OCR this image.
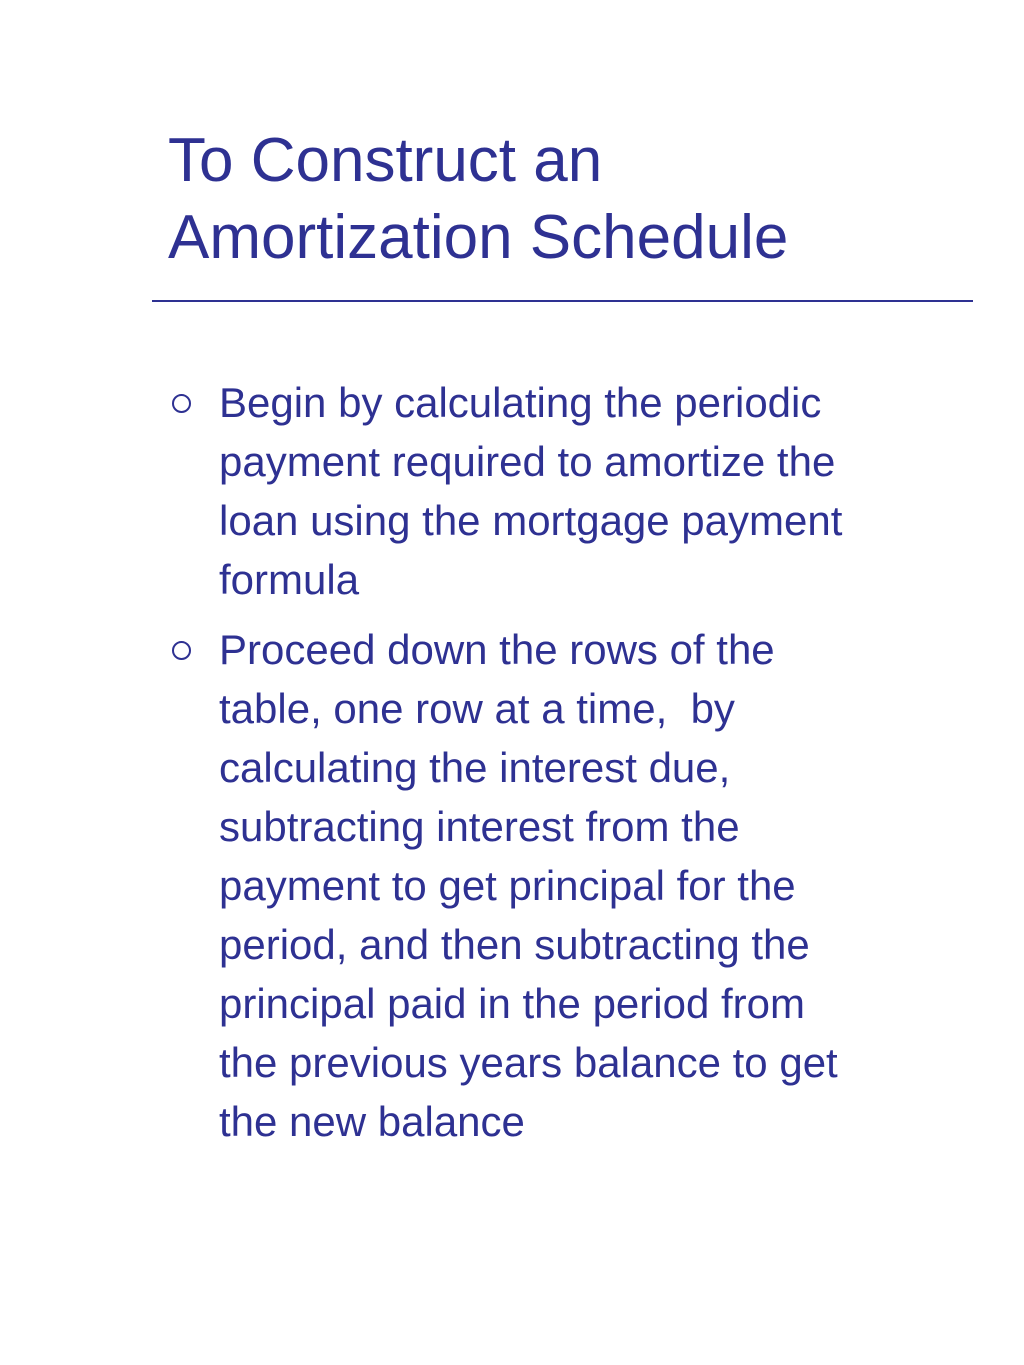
To Construct an
Amortization Schedule
Begin by calculating the periodic
payment required to amortize the
loan using the mortgage payment
formula
Proceed down the rows of the
table, one row at a time,  by
calculating the interest due,
subtracting interest from the
payment to get principal for the
period, and then subtracting the
principal paid in the period from
the previous years balance to get
the new balance
